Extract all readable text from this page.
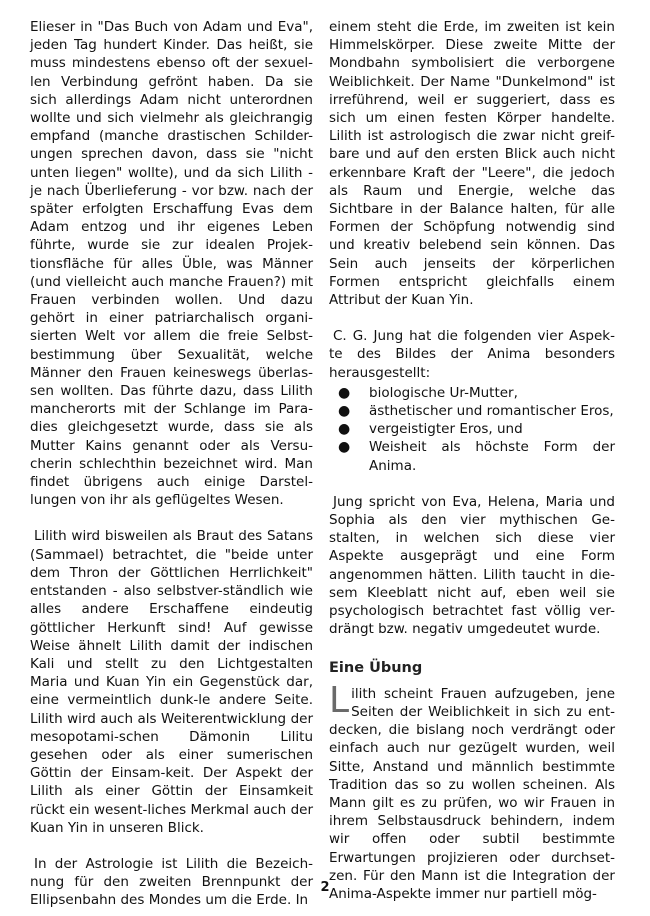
Elieser in "Das Buch von Adam und Eva", jeden Tag hundert Kinder. Das heißt, sie muss mindestens ebenso oft der sexuel-len Verbindung gefrönt haben. Da sie sich allerdings Adam nicht unterordnen wollte und sich vielmehr als gleichrangig empfand (manche drastischen Schilder-ungen sprechen davon, dass sie "nicht unten liegen" wollte), und da sich Lilith - je nach Überlieferung - vor bzw. nach der später erfolgten Erschaffung Evas dem Adam entzog und ihr eigenes Leben führte, wurde sie zur idealen Projek-tionsfläche für alles Üble, was Männer (und vielleicht auch manche Frauen?) mit Frauen verbinden wollen. Und dazu gehört in einer patriarchalisch organi-sierten Welt vor allem die freie Selbst-bestimmung über Sexualität, welche Männer den Frauen keineswegs überlas-sen wollten. Das führte dazu, dass Lilith mancherorts mit der Schlange im Para-dies gleichgesetzt wurde, dass sie als Mutter Kains genannt oder als Versu-cherin schlechthin bezeichnet wird. Man findet übrigens auch einige Darstel-lungen von ihr als geflügeltes Wesen.

Lilith wird bisweilen als Braut des Satans (Sammael) betrachtet, die "beide unter dem Thron der Göttlichen Herrlichkeit" entstanden - also selbstver-ständlich wie alles andere Erschaffene eindeutig göttlicher Herkunft sind! Auf gewisse Weise ähnelt Lilith damit der indischen Kali und stellt zu den Lichtgestalten Maria und Kuan Yin ein Gegenstück dar, eine vermeintlich dunk-le andere Seite. Lilith wird auch als Weiterentwicklung der mesopotami-schen Dämonin Lilitu gesehen oder als einer sumerischen Göttin der Einsam-keit. Der Aspekt der Lilith als einer Göttin der Einsamkeit rückt ein wesent-liches Merkmal auch der Kuan Yin in unseren Blick.

In der Astrologie ist Lilith die Bezeich-nung für den zweiten Brennpunkt der Ellipsenbahn des Mondes um die Erde. In

einem steht die Erde, im zweiten ist kein Himmelskörper. Diese zweite Mitte der Mondbahn symbolisiert die verborgene Weiblichkeit. Der Name "Dunkelmond" ist irreführend, weil er suggeriert, dass es sich um einen festen Körper handelte. Lilith ist astrologisch die zwar nicht greif-bare und auf den ersten Blick auch nicht erkennbare Kraft der "Leere", die jedoch als Raum und Energie, welche das Sichtbare in der Balance halten, für alle Formen der Schöpfung notwendig sind und kreativ belebend sein können. Das Sein auch jenseits der körperlichen Formen entspricht gleichfalls einem Attribut der Kuan Yin.

C. G. Jung hat die folgenden vier Aspek-te des Bildes der Anima besonders herausgestellt:

● biologische Ur-Mutter,
● ästhetischer und romantischer Eros,
● vergeistigter Eros, und
● Weisheit als höchste Form der Anima.

Jung spricht von Eva, Helena, Maria und Sophia als den vier mythischen Ge-stalten, in welchen sich diese vier Aspekte ausgeprägt und eine Form angenommen hätten. Lilith taucht in die-sem Kleeblatt nicht auf, eben weil sie psychologisch betrachtet fast völlig ver-drängt bzw. negativ umgedeutet wurde.

Eine Übung
L ilith scheint Frauen aufzugeben, jene Seiten der Weiblichkeit in sich zu ent-decken, die bislang noch verdrängt oder einfach auch nur gezügelt wurden, weil Sitte, Anstand und männlich bestimmte Tradition das so zu wollen scheinen. Als Mann gilt es zu prüfen, wo wir Frauen in ihrem Selbstausdruck behindern, indem wir offen oder subtil bestimmte Erwartungen projizieren oder durchset-zen. Für den Mann ist die Integration der Anima-Aspekte immer nur partiell mög-

2
